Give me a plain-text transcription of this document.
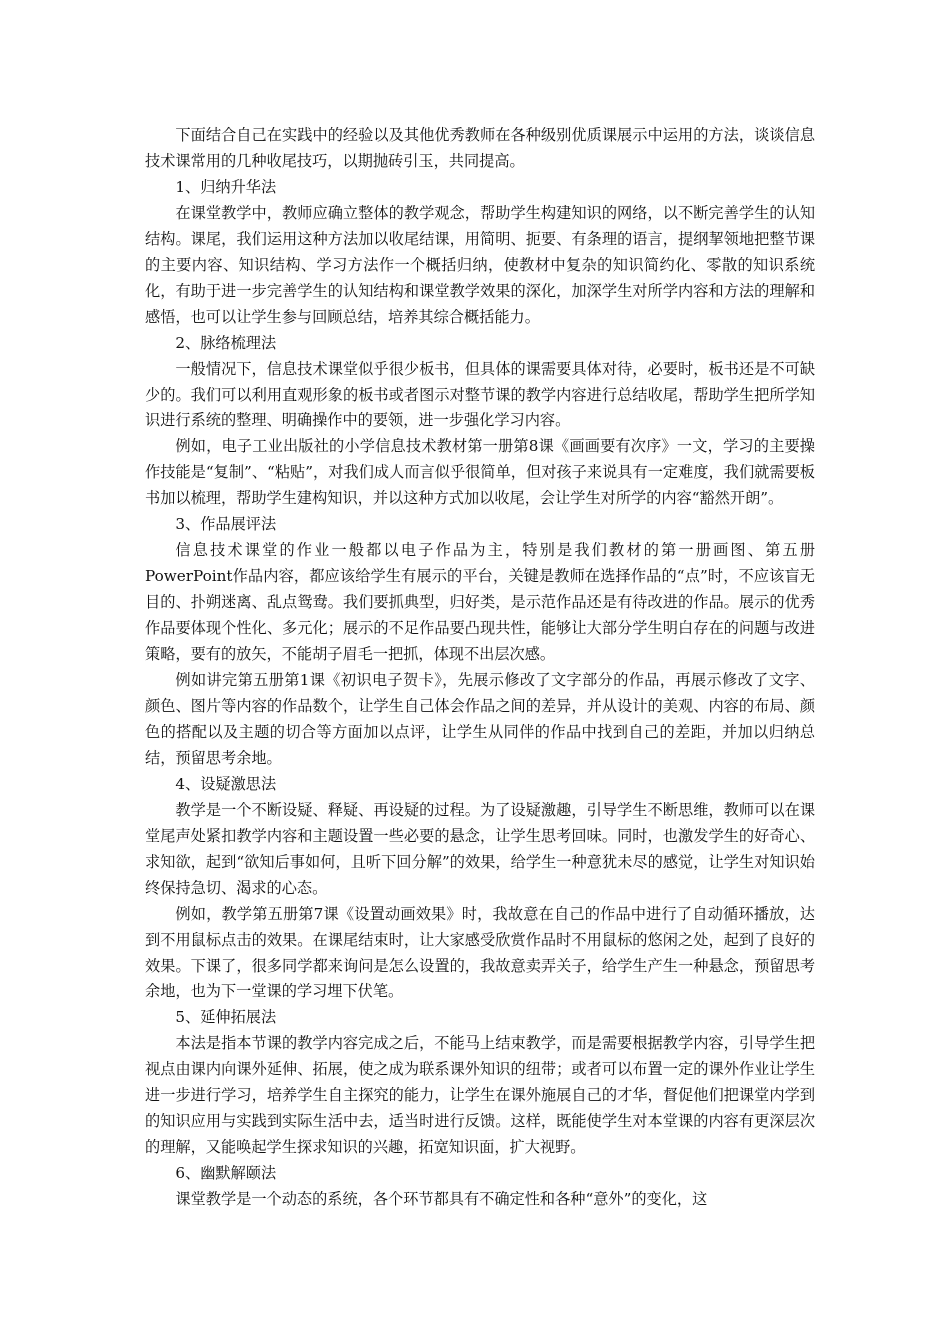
下面结合自己在实践中的经验以及其他优秀教师在各种级别优质课展示中运用的方法，谈谈信息技术课常用的几种收尾技巧，以期抛砖引玉，共同提高。

1、归纳升华法

在课堂教学中，教师应确立整体的教学观念，帮助学生构建知识的网络，以不断完善学生的认知结构。课尾，我们运用这种方法加以收尾结课，用简明、扼要、有条理的语言，提纲挈领地把整节课的主要内容、知识结构、学习方法作一个概括归纳，使教材中复杂的知识简约化、零散的知识系统化，有助于进一步完善学生的认知结构和课堂教学效果的深化，加深学生对所学内容和方法的理解和感悟，也可以让学生参与回顾总结，培养其综合概括能力。

2、脉络梳理法

一般情况下，信息技术课堂似乎很少板书，但具体的课需要具体对待，必要时，板书还是不可缺少的。我们可以利用直观形象的板书或者图示对整节课的教学内容进行总结收尾，帮助学生把所学知识进行系统的整理、明确操作中的要领，进一步强化学习内容。

例如，电子工业出版社的小学信息技术教材第一册第8课《画画要有次序》一文，学习的主要操作技能是“复制”、“粘贴”，对我们成人而言似乎很简单，但对孩子来说具有一定难度，我们就需要板书加以梳理，帮助学生建构知识，并以这种方式加以收尾，会让学生对所学的内容“豁然开朗”。

3、作品展评法

信息技术课堂的作业一般都以电子作品为主，特别是我们教材的第一册画图、第五册PowerPoint作品内容，都应该给学生有展示的平台，关键是教师在选择作品的“点”时，不应该盲无目的、扑朔迷离、乱点鸳鸯。我们要抓典型，归好类，是示范作品还是有待改进的作品。展示的优秀作品要体现个性化、多元化；展示的不足作品要凸现共性，能够让大部分学生明白存在的问题与改进策略，要有的放矢，不能胡子眉毛一把抓，体现不出层次感。

例如讲完第五册第1课《初识电子贺卡》，先展示修改了文字部分的作品，再展示修改了文字、颜色、图片等内容的作品数个，让学生自己体会作品之间的差异，并从设计的美观、内容的布局、颜色的搭配以及主题的切合等方面加以点评，让学生从同伴的作品中找到自己的差距，并加以归纳总结，预留思考余地。

4、设疑激思法

教学是一个不断设疑、释疑、再设疑的过程。为了设疑激趣，引导学生不断思维，教师可以在课堂尾声处紧扣教学内容和主题设置一些必要的悬念，让学生思考回味。同时，也激发学生的好奇心、求知欲，起到“欲知后事如何，且听下回分解”的效果，给学生一种意犹未尽的感觉，让学生对知识始终保持急切、渴求的心态。

例如，教学第五册第7课《设置动画效果》时，我故意在自己的作品中进行了自动循环播放，达到不用鼠标点击的效果。在课尾结束时，让大家感受欣赏作品时不用鼠标的悠闲之处，起到了良好的效果。下课了，很多同学都来询问是怎么设置的，我故意卖弄关子，给学生产生一种悬念，预留思考余地，也为下一堂课的学习埋下伏笔。

5、延伸拓展法

本法是指本节课的教学内容完成之后，不能马上结束教学，而是需要根据教学内容，引导学生把视点由课内向课外延伸、拓展，使之成为联系课外知识的纽带；或者可以布置一定的课外作业让学生进一步进行学习，培养学生自主探究的能力，让学生在课外施展自己的才华，督促他们把课堂内学到的知识应用与实践到实际生活中去，适当时进行反馈。这样，既能使学生对本堂课的内容有更深层次的理解，又能唤起学生探求知识的兴趣，拓宽知识面，扩大视野。

6、幽默解颐法

课堂教学是一个动态的系统，各个环节都具有不确定性和各种“意外”的变化，这
